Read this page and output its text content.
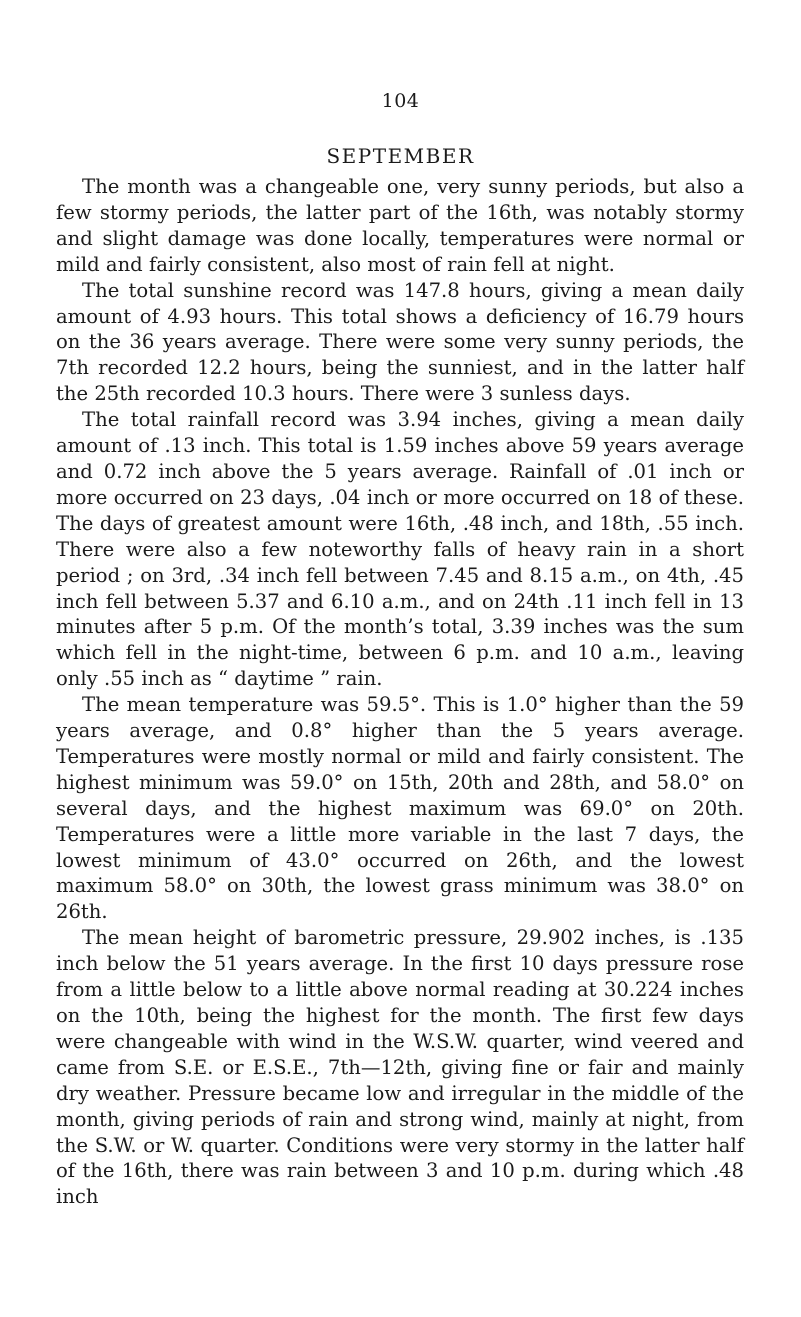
104
SEPTEMBER

The month was a changeable one, very sunny periods, but also a few stormy periods, the latter part of the 16th, was notably stormy and slight damage was done locally, temperatures were normal or mild and fairly consistent, also most of rain fell at night.

The total sunshine record was 147.8 hours, giving a mean daily amount of 4.93 hours. This total shows a deficiency of 16.79 hours on the 36 years average. There were some very sunny periods, the 7th recorded 12.2 hours, being the sunniest, and in the latter half the 25th recorded 10.3 hours. There were 3 sunless days.

The total rainfall record was 3.94 inches, giving a mean daily amount of .13 inch. This total is 1.59 inches above 59 years average and 0.72 inch above the 5 years average. Rainfall of .01 inch or more occurred on 23 days, .04 inch or more occurred on 18 of these. The days of greatest amount were 16th, .48 inch, and 18th, .55 inch. There were also a few noteworthy falls of heavy rain in a short period ; on 3rd, .34 inch fell between 7.45 and 8.15 a.m., on 4th, .45 inch fell between 5.37 and 6.10 a.m., and on 24th .11 inch fell in 13 minutes after 5 p.m. Of the month’s total, 3.39 inches was the sum which fell in the night-time, between 6 p.m. and 10 a.m., leaving only .55 inch as “ daytime ” rain.

The mean temperature was 59.5°. This is 1.0° higher than the 59 years average, and 0.8° higher than the 5 years average. Temperatures were mostly normal or mild and fairly consistent. The highest minimum was 59.0° on 15th, 20th and 28th, and 58.0° on several days, and the highest maximum was 69.0° on 20th. Temperatures were a little more variable in the last 7 days, the lowest minimum of 43.0° occurred on 26th, and the lowest maximum 58.0° on 30th, the lowest grass minimum was 38.0° on 26th.

The mean height of barometric pressure, 29.902 inches, is .135 inch below the 51 years average. In the first 10 days pressure rose from a little below to a little above normal reading at 30.224 inches on the 10th, being the highest for the month. The first few days were changeable with wind in the W.S.W. quarter, wind veered and came from S.E. or E.S.E., 7th—12th, giving fine or fair and mainly dry weather. Pressure became low and irregular in the middle of the month, giving periods of rain and strong wind, mainly at night, from the S.W. or W. quarter. Conditions were very stormy in the latter half of the 16th, there was rain between 3 and 10 p.m. during which .48 inch
